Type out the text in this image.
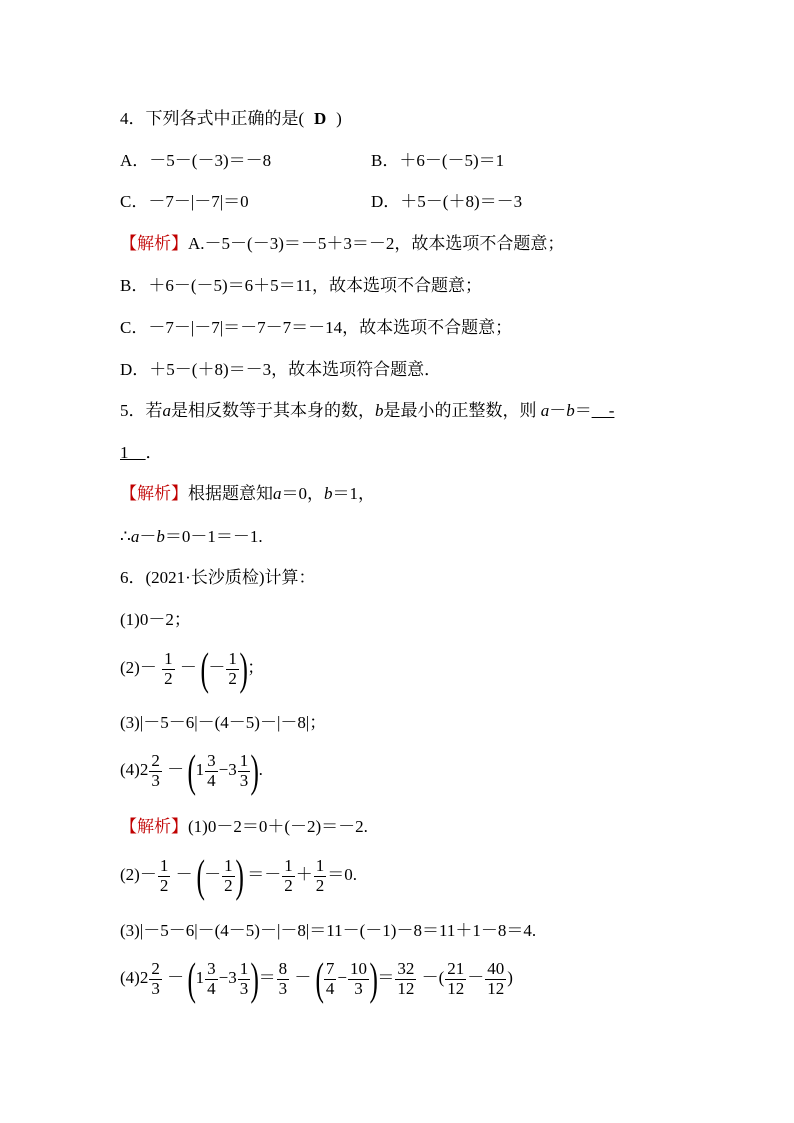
4．下列各式中正确的是( D )
A．－5－(－3)＝－8	B．＋6－(－5)＝1
C．－7－|－7|＝0	D．＋5－(＋8)＝－3
【解析】A.－5－(－3)＝－5＋3＝－2，故本选项不合题意；
B．＋6－(－5)＝6＋5＝11，故本选项不合题意；
C．－7－|－7|＝－7－7＝－14，故本选项不合题意；
D．＋5－(＋8)＝－3，故本选项符合题意．
5．若a是相反数等于其本身的数，b是最小的正整数，则 a－b＝__-
1__．
【解析】根据题意知a＝0，b＝1，
∴a－b＝0－1＝－1.
6．(2021·长沙质检)计算：
(1)0－2；
$(2)- \frac{1}{2}$ － (－ $\frac{1}{2}$ )；
(3)|－5－6|－(4－5)－|－8|；
$(4)2 \frac{2}{3} - (1 \frac{3}{4} -3 \frac{1}{3}$ ).
【解析】(1)0－2＝0＋(－2)＝－2.
$(2)- \frac{1}{2}$ － (－ $\frac{1}{2}$ ) ＝－ $\frac{1}{2} + \frac{1}{2} =0$.
(3)|－5－6|－(4－5)－|－8|＝11－(－1)－8＝11＋1－8＝4.
$(4)2 \frac{2}{3} - (1 \frac{3}{4} -3 \frac{1}{3}$ )＝ $\frac{8}{3}$ － ( $\frac{7}{4} - \frac{10}{3}$ )＝ $\frac{32}{12}$ －( $\frac{21}{12} - \frac{40}{12}$ )
